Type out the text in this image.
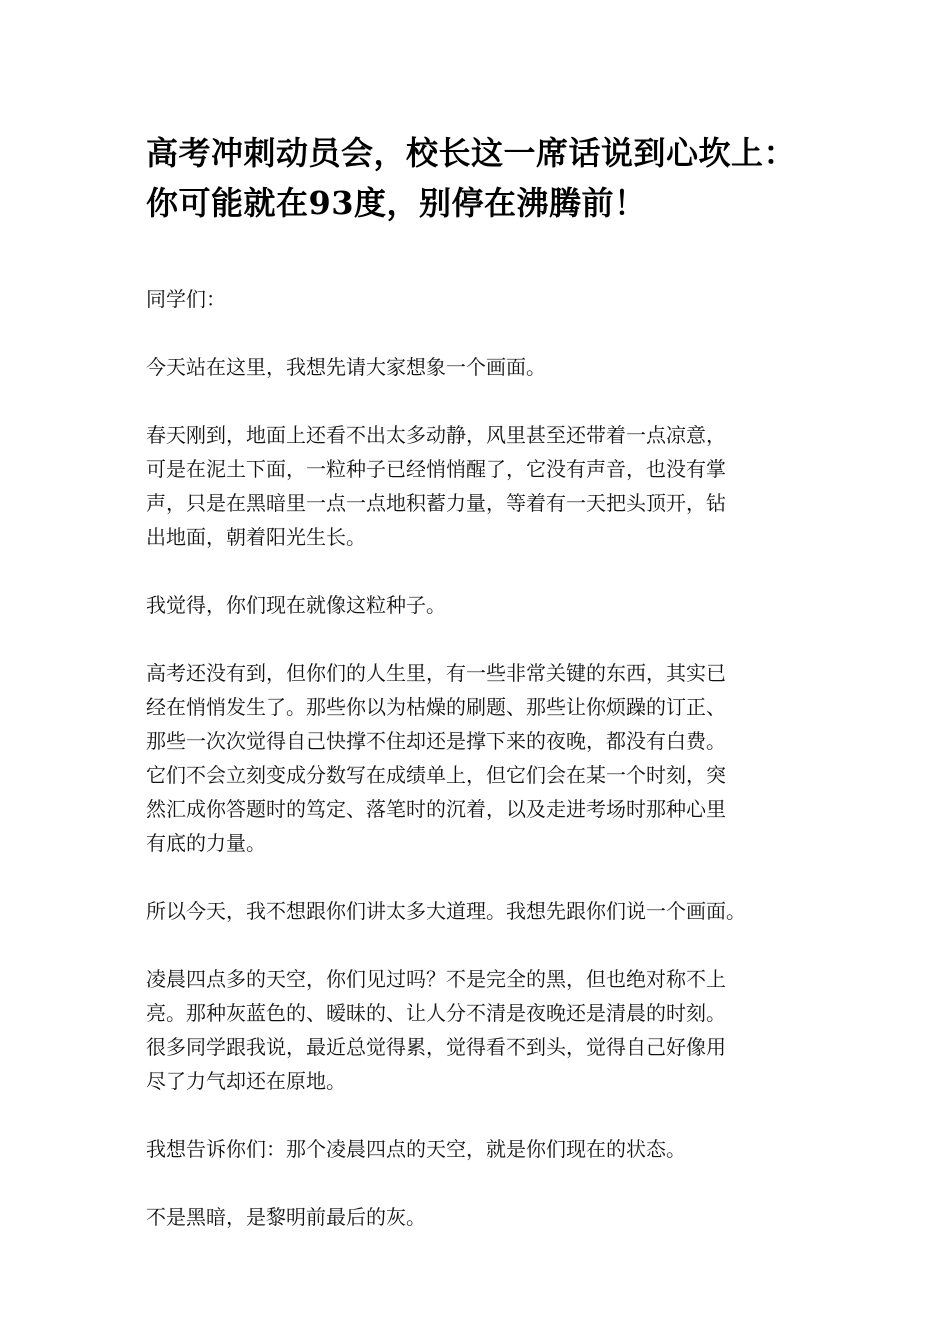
高考冲刺动员会，校长这一席话说到心坎上：你可能就在93度，别停在沸腾前！

同学们：

今天站在这里，我想先请大家想象一个画面。

春天刚到，地面上还看不出太多动静，风里甚至还带着一点凉意，
可是在泥土下面，一粒种子已经悄悄醒了，它没有声音，也没有掌
声，只是在黑暗里一点一点地积蓄力量，等着有一天把头顶开，钻
出地面，朝着阳光生长。

我觉得，你们现在就像这粒种子。

高考还没有到，但你们的人生里，有一些非常关键的东西，其实已
经在悄悄发生了。那些你以为枯燥的刷题、那些让你烦躁的订正、
那些一次次觉得自己快撑不住却还是撑下来的夜晚，都没有白费。
它们不会立刻变成分数写在成绩单上，但它们会在某一个时刻，突
然汇成你答题时的笃定、落笔时的沉着，以及走进考场时那种心里
有底的力量。

所以今天，我不想跟你们讲太多大道理。我想先跟你们说一个画面。

凌晨四点多的天空，你们见过吗？不是完全的黑，但也绝对称不上
亮。那种灰蓝色的、暧昧的、让人分不清是夜晚还是清晨的时刻。
很多同学跟我说，最近总觉得累，觉得看不到头，觉得自己好像用
尽了力气却还在原地。

我想告诉你们：那个凌晨四点的天空，就是你们现在的状态。

不是黑暗，是黎明前最后的灰。
